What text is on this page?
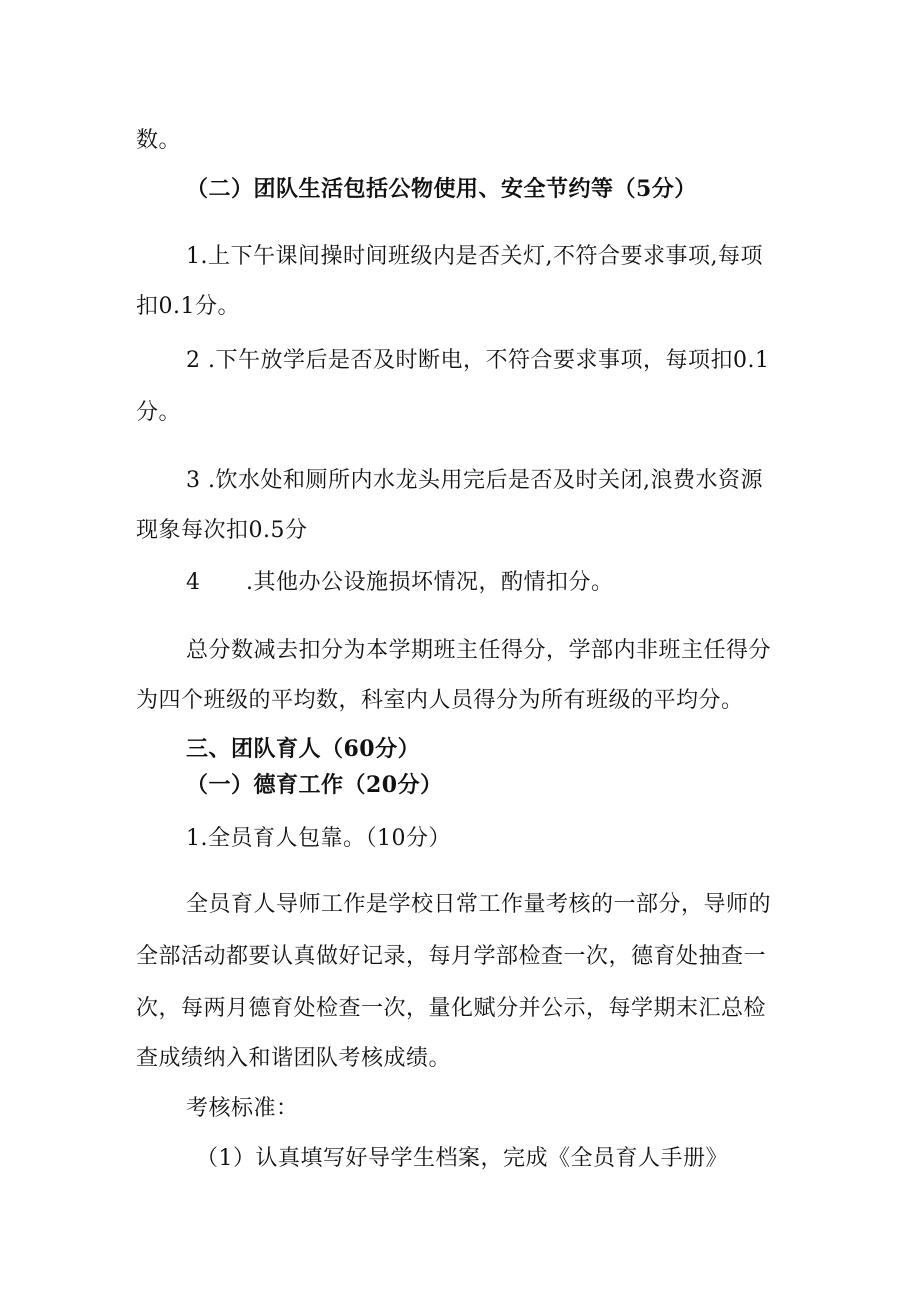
数。
（二）团队生活包括公物使用、安全节约等（5分）
1.上下午课间操时间班级内是否关灯,不符合要求事项,每项
扣0.1分。
2 .下午放学后是否及时断电，不符合要求事项，每项扣0.1
分。
3 .饮水处和厕所内水龙头用完后是否及时关闭,浪费水资源
现象每次扣0.5分
4 .其他办公设施损坏情况，酌情扣分。
总分数减去扣分为本学期班主任得分，学部内非班主任得分
为四个班级的平均数，科室内人员得分为所有班级的平均分。
三、团队育人（60分）
（一）德育工作（20分）
1.全员育人包靠。（10分）
全员育人导师工作是学校日常工作量考核的一部分，导师的
全部活动都要认真做好记录，每月学部检查一次，德育处抽查一
次，每两月德育处检查一次，量化赋分并公示，每学期末汇总检
查成绩纳入和谐团队考核成绩。
考核标准：
（1）认真填写好导学生档案，完成《全员育人手册》
